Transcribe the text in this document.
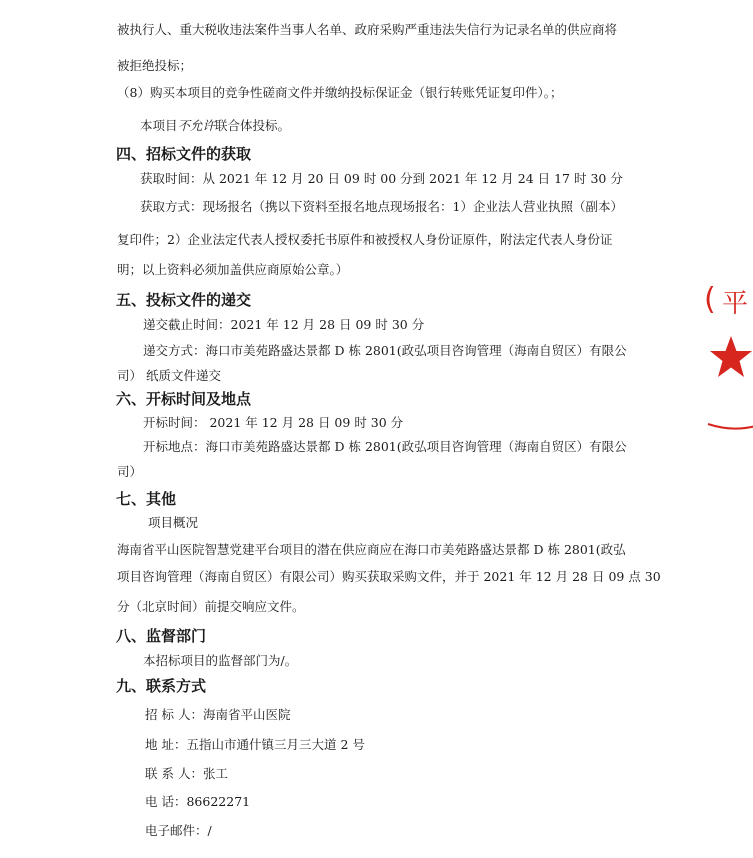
被执行人、重大税收违法案件当事人名单、政府采购严重违法失信行为记录名单的供应商将
被拒绝投标；
（8）购买本项目的竞争性磋商文件并缴纳投标保证金（银行转账凭证复印件）。；
本项目不允许联合体投标。
四、招标文件的获取
获取时间：从 2021 年 12 月 20 日 09 时 00 分到 2021 年 12 月 24 日 17 时 30 分
获取方式：现场报名（携以下资料至报名地点现场报名：1）企业法人营业执照（副本）
复印件；2）企业法定代表人授权委托书原件和被授权人身份证原件，附法定代表人身份证
明；以上资料必须加盖供应商原始公章。）
五、投标文件的递交
递交截止时间：2021 年 12 月 28 日 09 时 30 分
递交方式：海口市美苑路盛达景都 D 栋 2801(政弘项目咨询管理（海南自贸区）有限公
司） 纸质文件递交
六、开标时间及地点
开标时间： 2021 年 12 月 28 日 09 时 30 分
开标地点：海口市美苑路盛达景都 D 栋 2801(政弘项目咨询管理（海南自贸区）有限公
司）
七、其他
项目概况
海南省平山医院智慧党建平台项目的潜在供应商应在海口市美苑路盛达景都 D 栋 2801(政弘
项目咨询管理（海南自贸区）有限公司）购买获取采购文件，并于 2021 年 12 月 28 日 09 点 30
分（北京时间）前提交响应文件。
八、监督部门
本招标项目的监督部门为/。
九、联系方式
招 标 人：海南省平山医院
地 址：五指山市通什镇三月三大道 2 号
联 系 人：张工
电 话：86622271
电子邮件：/
( 平
